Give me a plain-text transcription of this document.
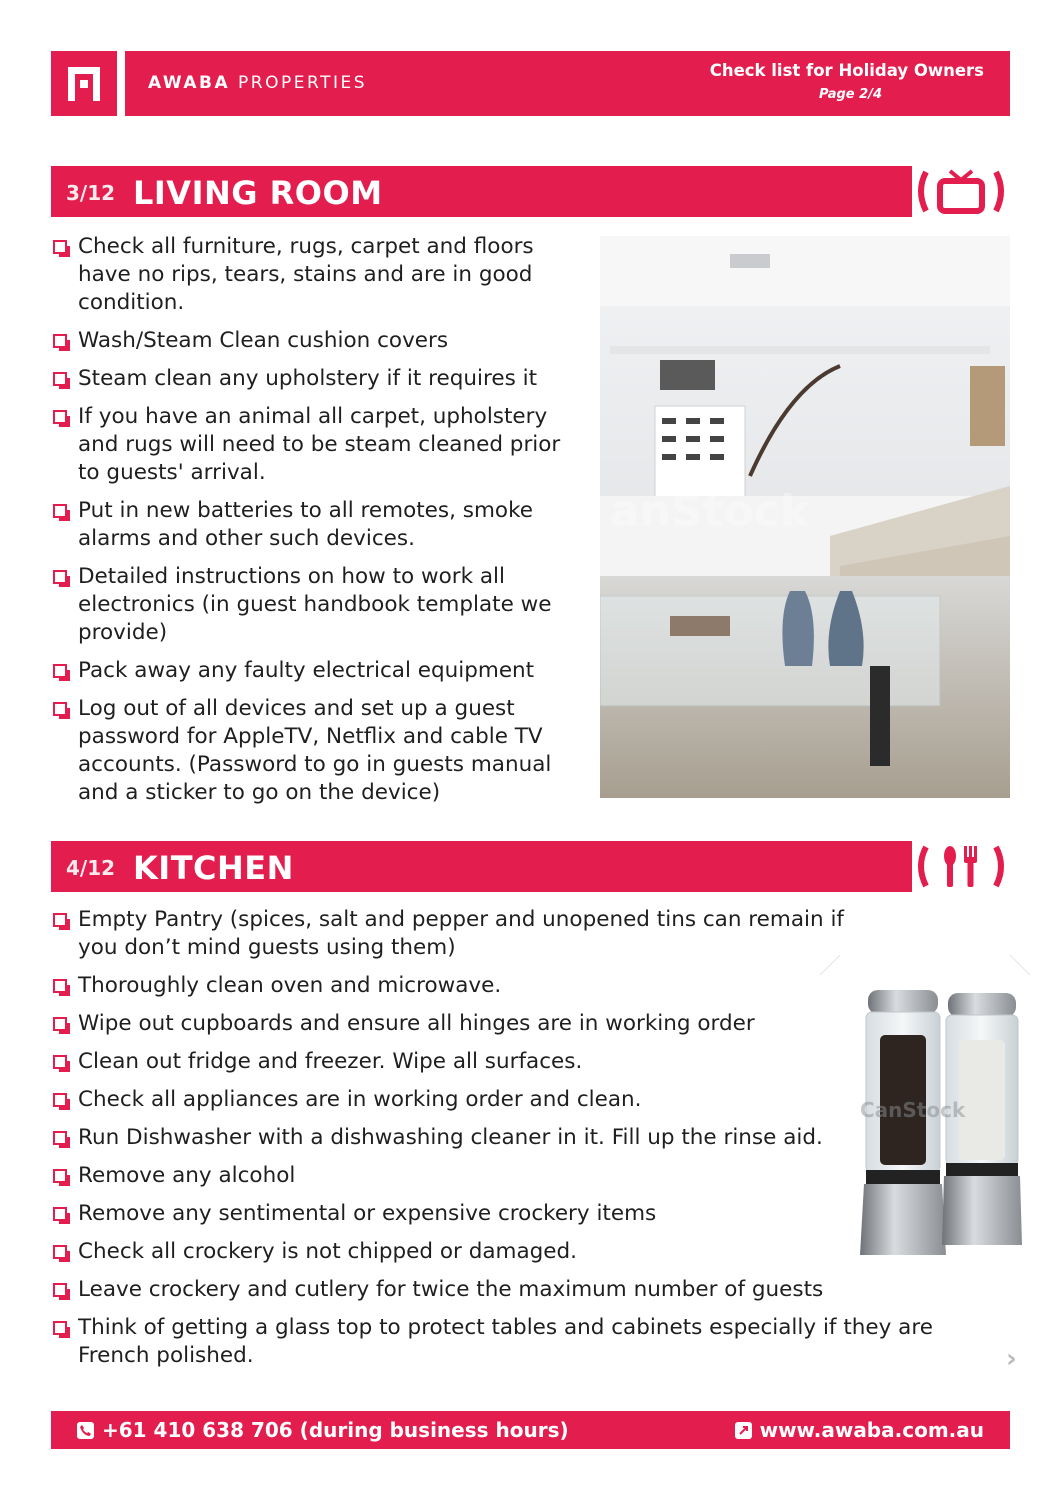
AWABA PROPERTIES
Check list for Holiday Owners
Page 2/4
3/12 LIVING ROOM
Check all furniture, rugs, carpet and floors have no rips, tears, stains and are in good condition.
Wash/Steam Clean cushion covers
Steam clean any upholstery if it requires it
If you have an animal all carpet, upholstery and rugs will need to be steam cleaned prior to guests' arrival.
Put in new batteries to all remotes, smoke alarms and other such devices.
Detailed instructions on how to work all electronics (in guest handbook template we provide)
Pack away any faulty electrical equipment
Log out of all devices and set up a guest password for AppleTV, Netflix and cable TV accounts. (Password to go in guests manual and a sticker to go on the device)
anStock
4/12 KITCHEN
CanStock
Empty Pantry (spices, salt and pepper and unopened tins can remain if you don’t mind guests using them)
Thoroughly clean oven and microwave.
Wipe out cupboards and ensure all hinges are in working order
Clean out fridge and freezer. Wipe all surfaces.
Check all appliances are in working order and clean.
Run Dishwasher with a dishwashing cleaner in it. Fill up the rinse aid.
Remove any alcohol
Remove any sentimental or expensive crockery items
Check all crockery is not chipped or damaged.
Leave crockery and cutlery for twice the maximum number of guests
Think of getting a glass top to protect tables and cabinets especially if they are French polished.	›
+61 410 638 706 (during business hours)	www.awaba.com.au
